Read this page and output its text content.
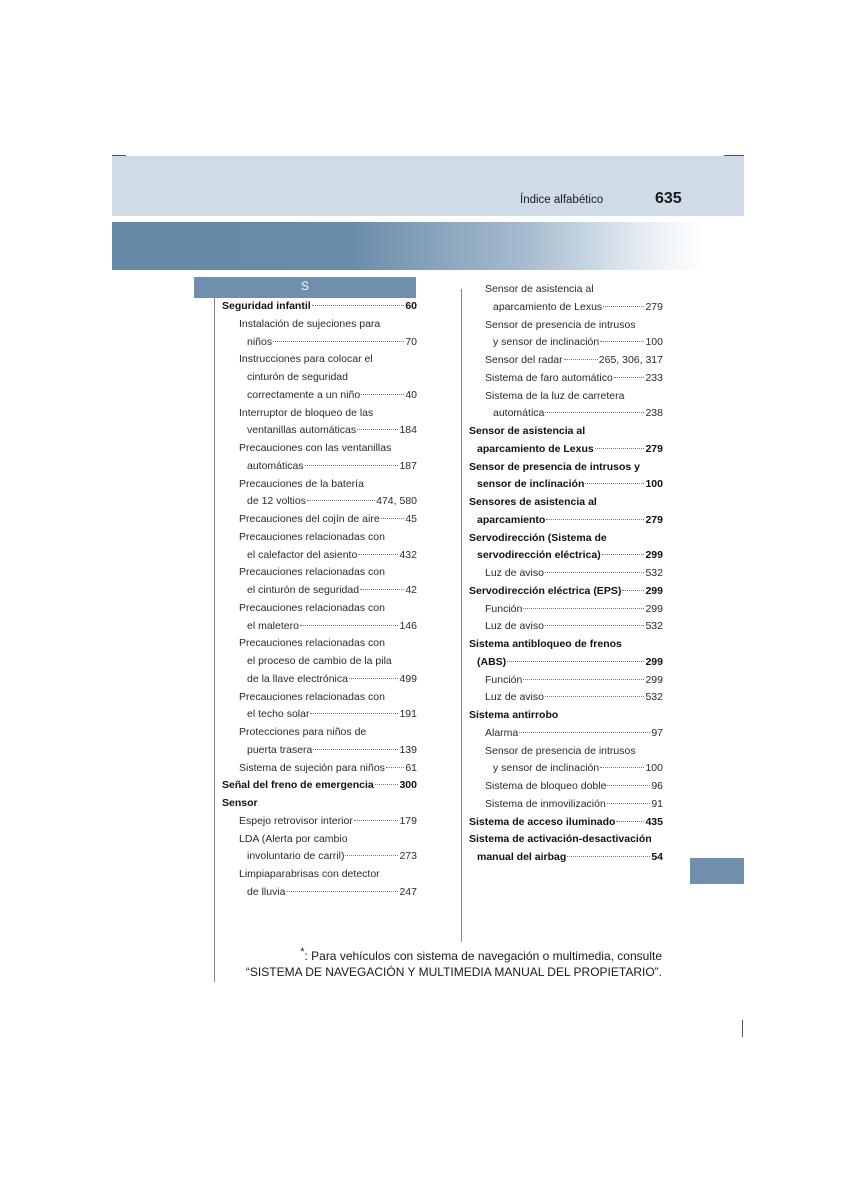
Índice alfabético	635
S
Seguridad infantil	60
Instalación de sujeciones para
niños	70
Instrucciones para colocar el
cinturón de seguridad
correctamente a un niño	40
Interruptor de bloqueo de las
ventanillas automáticas	184
Precauciones con las ventanillas
automáticas	187
Precauciones de la batería
de 12 voltios	474, 580
Precauciones del cojín de aire 45
Precauciones relacionadas con
el calefactor del asiento	432
Precauciones relacionadas con
el cinturón de seguridad	42
Precauciones relacionadas con
el maletero	146
Precauciones relacionadas con
el proceso de cambio de la pila
de la llave electrónica	499
Precauciones relacionadas con
el techo solar	191
Protecciones para niños de
puerta trasera	139
Sistema de sujeción para niños 61
Señal del freno de emergencia 300
Sensor
Espejo retrovisor interior	179
LDA (Alerta por cambio
involuntario de carril)	273
Limpiaparabrisas con detector
de lluvia	247
Sensor de asistencia al
aparcamiento de Lexus	279
Sensor de presencia de intrusos
y sensor de inclinación	100
Sensor del radar	265, 306, 317
Sistema de faro automático	233
Sistema de la luz de carretera
automática	238
Sensor de asistencia al
aparcamiento de Lexus	279
Sensor de presencia de intrusos y
sensor de inclinación	100
Sensores de asistencia al
aparcamiento	279
Servodirección (Sistema de
servodirección eléctrica)	299
Luz de aviso	532
Servodirección eléctrica (EPS) 299
Función	299
Luz de aviso	532
Sistema antibloqueo de frenos
(ABS)	299
Función	299
Luz de aviso	532
Sistema antirrobo
Alarma	97
Sensor de presencia de intrusos
y sensor de inclinación	100
Sistema de bloqueo doble	96
Sistema de inmovilización	91
Sistema de acceso iluminado	435
Sistema de activación-desactivación
manual del airbag	54
*: Para vehículos con sistema de navegación o multimedia, consulte
“SISTEMA DE NAVEGACIÓN Y MULTIMEDIA MANUAL DEL PROPIETARIO”.
